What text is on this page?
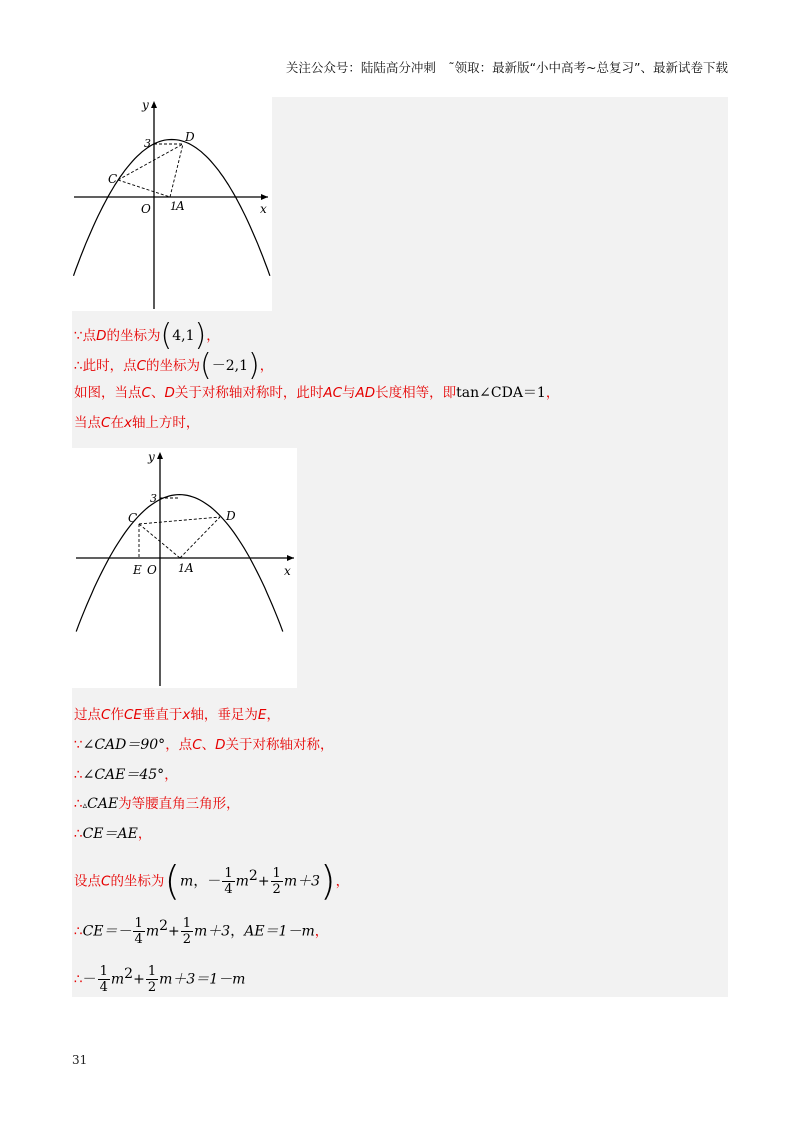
关注公众号：陆陆高分冲刺　˜领取：最新版“小中高考~总复习”、最新试卷下载
y
x
3	D
C
O 1 A
∵点D的坐标为(4,1)，
∴此时，点C的坐标为(－2,1)，
如图，当点C、D关于对称轴对称时，此时AC与AD长度相等，即tan∠CDA＝1，
当点C在x轴上方时，
y
x
3
D
C
E O 1 A
过点C作CE垂直于x轴，垂足为E，
∵∠CAD＝90°，点C、D关于对称轴对称，
∴∠CAE＝45°，
∴▵CAE为等腰直角三角形，
∴CE＝AE，
设点C的坐标为(m，－ $\frac{1}{4} m^2+ \frac{1}{2} m+3$)，
∴CE＝－ $\frac{1}{4} m^2+ \frac{1}{2} m+3$，AE＝1－m，
∴－ $\frac{1}{4} m^2+ \frac{1}{2} m+3=1-m$
31
